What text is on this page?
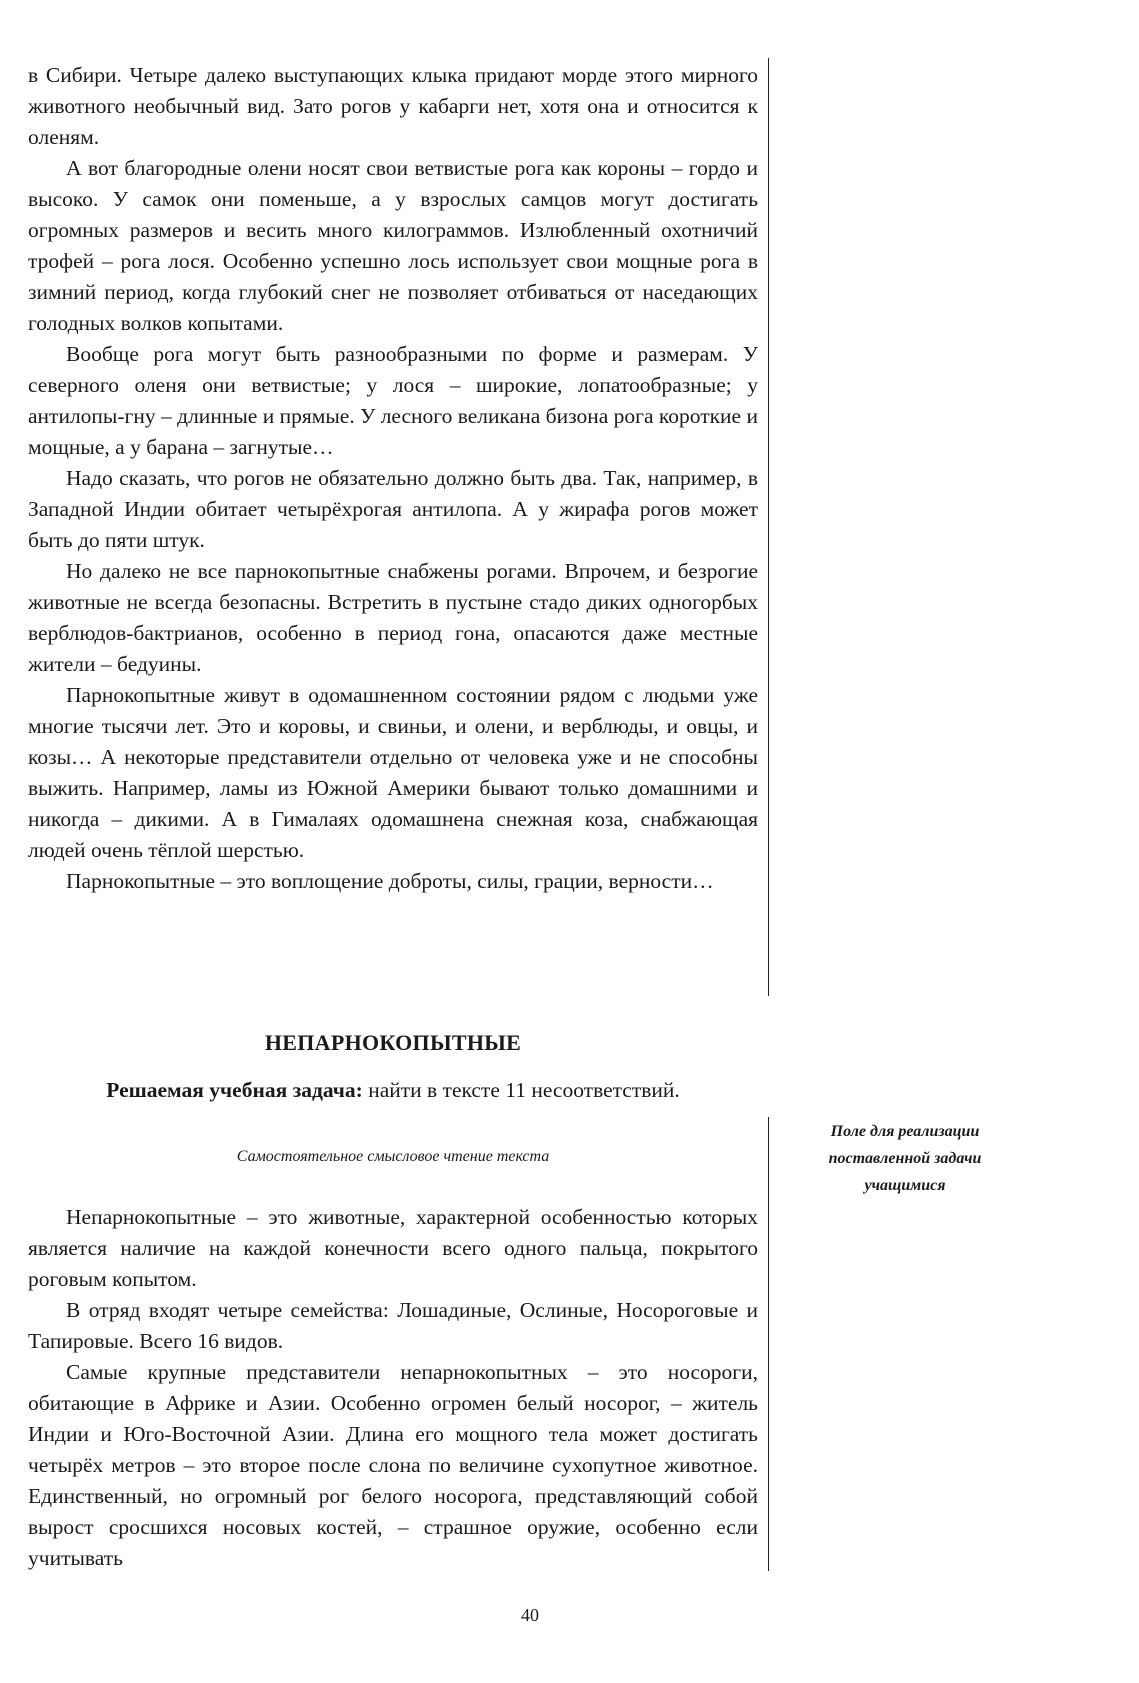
в Сибири. Четыре далеко выступающих клыка придают морде этого мирного животного необычный вид. Зато рогов у кабарги нет, хотя она и относится к оленям.

А вот благородные олени носят свои ветвистые рога как короны – гордо и высоко. У самок они поменьше, а у взрослых самцов могут достигать огромных размеров и весить много килограммов. Излюбленный охотничий трофей – рога лося. Особенно успешно лось использует свои мощные рога в зимний период, когда глубокий снег не позволяет отбиваться от наседающих голодных волков копытами.

Вообще рога могут быть разнообразными по форме и размерам. У северного оленя они ветвистые; у лося – широкие, лопатообразные; у антилопы-гну – длинные и прямые. У лесного великана бизона рога короткие и мощные, а у барана – загнутые…

Надо сказать, что рогов не обязательно должно быть два. Так, например, в Западной Индии обитает четырёхрогая антилопа. А у жирафа рогов может быть до пяти штук.

Но далеко не все парнокопытные снабжены рогами. Впрочем, и безрогие животные не всегда безопасны. Встретить в пустыне стадо диких одногорбых верблюдов-бактрианов, особенно в период гона, опасаются даже местные жители – бедуины.

Парнокопытные живут в одомашненном состоянии рядом с людьми уже многие тысячи лет. Это и коровы, и свиньи, и олени, и верблюды, и овцы, и козы… А некоторые представители отдельно от человека уже и не способны выжить. Например, ламы из Южной Америки бывают только домашними и никогда – дикими. А в Гималаях одомашнена снежная коза, снабжающая людей очень тёплой шерстью.

Парнокопытные – это воплощение доброты, силы, грации, верности…

НЕПАРНОКОПЫТНЫЕ
Решаемая учебная задача: найти в тексте 11 несоответствий.
Самостоятельное смысловое чтение текста
Поле для реализации поставленной задачи учащимися

Непарнокопытные – это животные, характерной особенностью которых является наличие на каждой конечности всего одного пальца, покрытого роговым копытом.

В отряд входят четыре семейства: Лошадиные, Ослиные, Носороговые и Тапировые. Всего 16 видов.

Самые крупные представители непарнокопытных – это носороги, обитающие в Африке и Азии. Особенно огромен белый носорог, – житель Индии и Юго-Восточной Азии. Длина его мощного тела может достигать четырёх метров – это второе после слона по величине сухопутное животное. Единственный, но огромный рог белого носорога, представляющий собой вырост сросшихся носовых костей, – страшное оружие, особенно если учитывать

40
